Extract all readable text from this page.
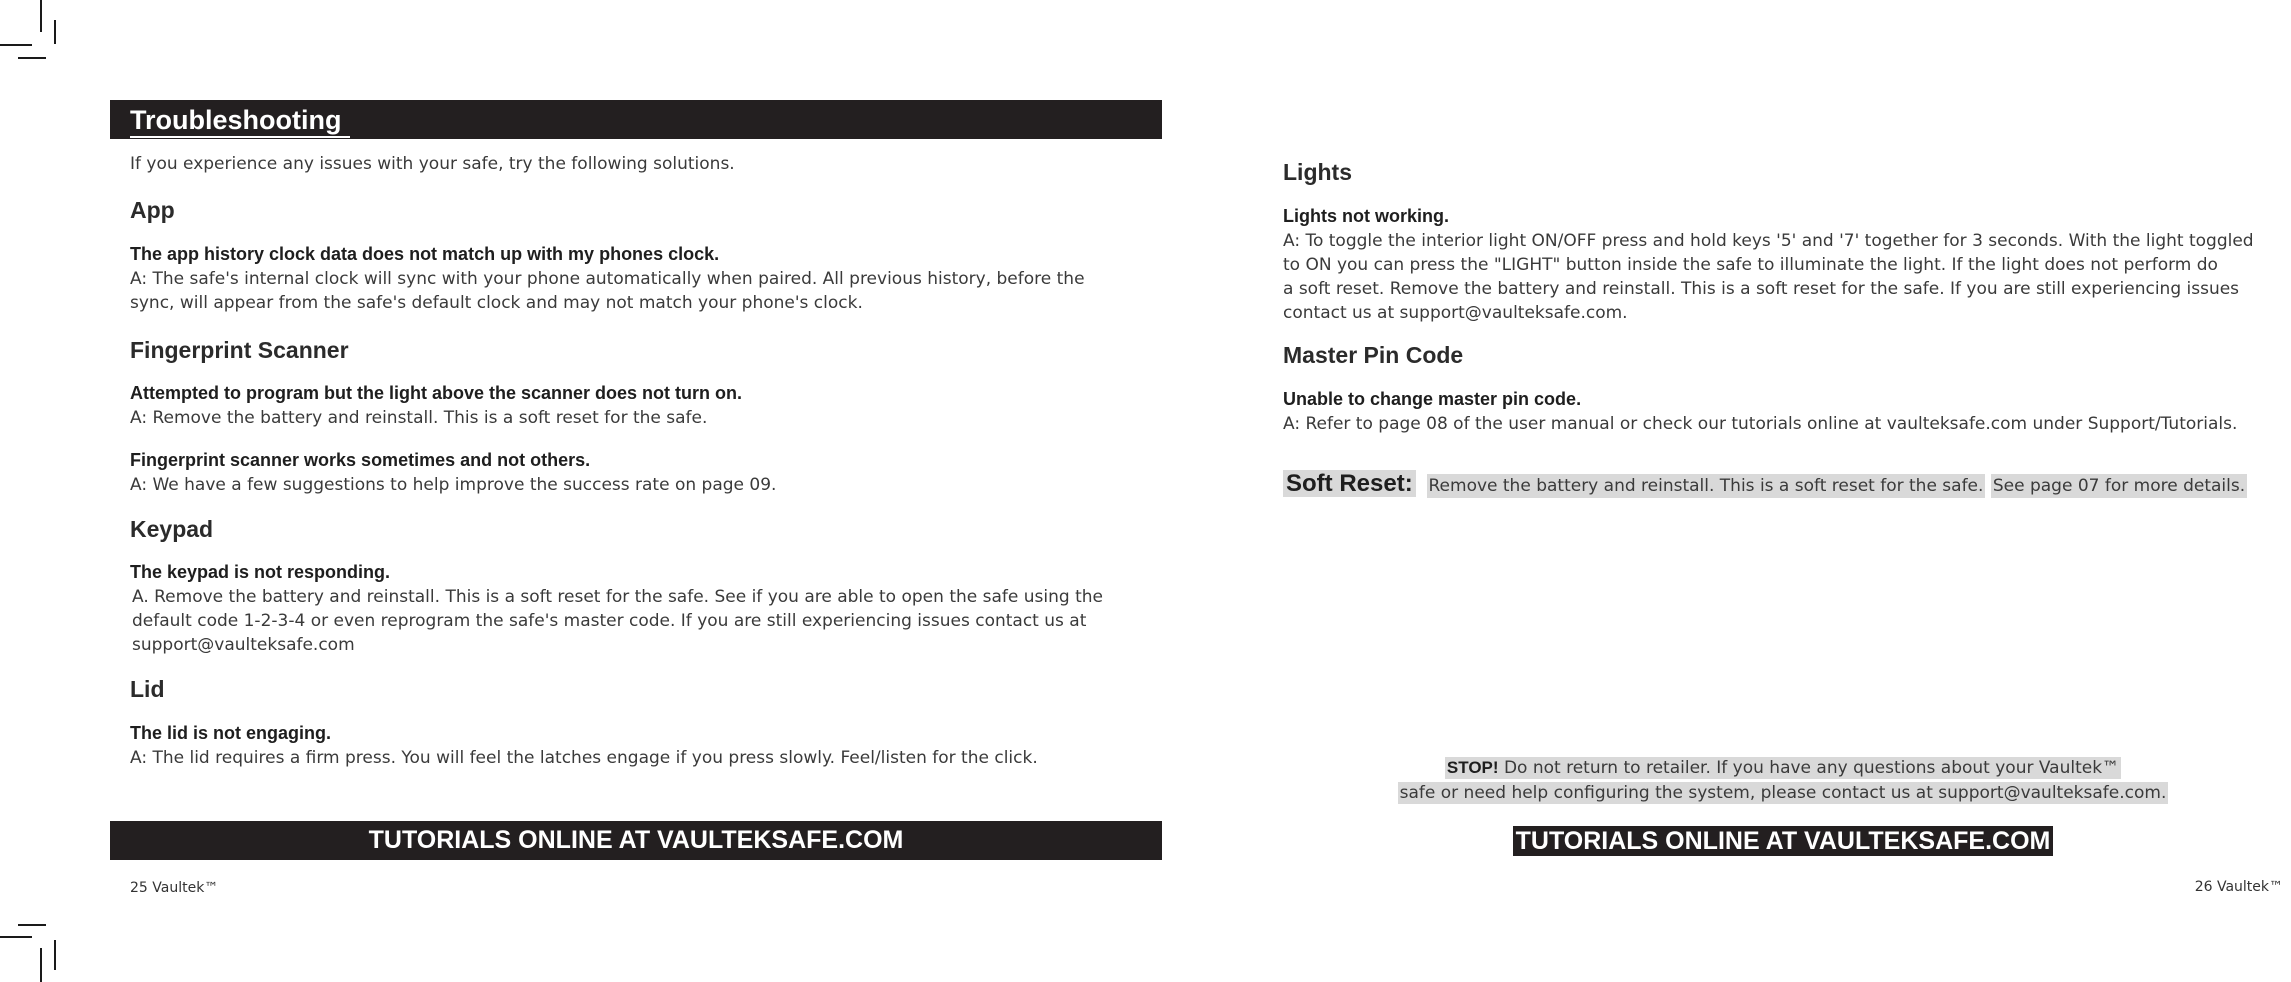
Troubleshooting
If you experience any issues with your safe, try the following solutions.
App
The app history clock data does not match up with my phones clock.
A: The safe's internal clock will sync with your phone automatically when paired. All previous history, before the
sync, will appear from the safe's default clock and may not match your phone's clock.
Fingerprint Scanner
Attempted to program but the light above the scanner does not turn on.
A: Remove the battery and reinstall. This is a soft reset for the safe.
Fingerprint scanner works sometimes and not others.
A: We have a few suggestions to help improve the success rate on page 09.
Keypad
The keypad is not responding.
A. Remove the battery and reinstall. This is a soft reset for the safe. See if you are able to open the safe using the
default code 1-2-3-4 or even reprogram the safe's master code. If you are still experiencing issues contact us at
support@vaulteksafe.com
Lid
The lid is not engaging.
A: The lid requires a firm press. You will feel the latches engage if you press slowly. Feel/listen for the click.
TUTORIALS ONLINE AT VAULTEKSAFE.COM
25 Vaultek™
Lights
Lights not working.
A: To toggle the interior light ON/OFF press and hold keys '5' and '7' together for 3 seconds. With the light toggled
to ON you can press the "LIGHT" button inside the safe to illuminate the light. If the light does not perform do
a soft reset. Remove the battery and reinstall. This is a soft reset for the safe. If you are still experiencing issues
contact us at support@vaulteksafe.com.
Master Pin Code
Unable to change master pin code.
A: Refer to page 08 of the user manual or check our tutorials online at vaulteksafe.com under Support/Tutorials.
Soft Reset: Remove the battery and reinstall. This is a soft reset for the safe. See page 07 for more details.
STOP! Do not return to retailer. If you have any questions about your Vaultek™
safe or need help configuring the system, please contact us at support@vaulteksafe.com.
TUTORIALS ONLINE AT VAULTEKSAFE.COM
26 Vaultek™
